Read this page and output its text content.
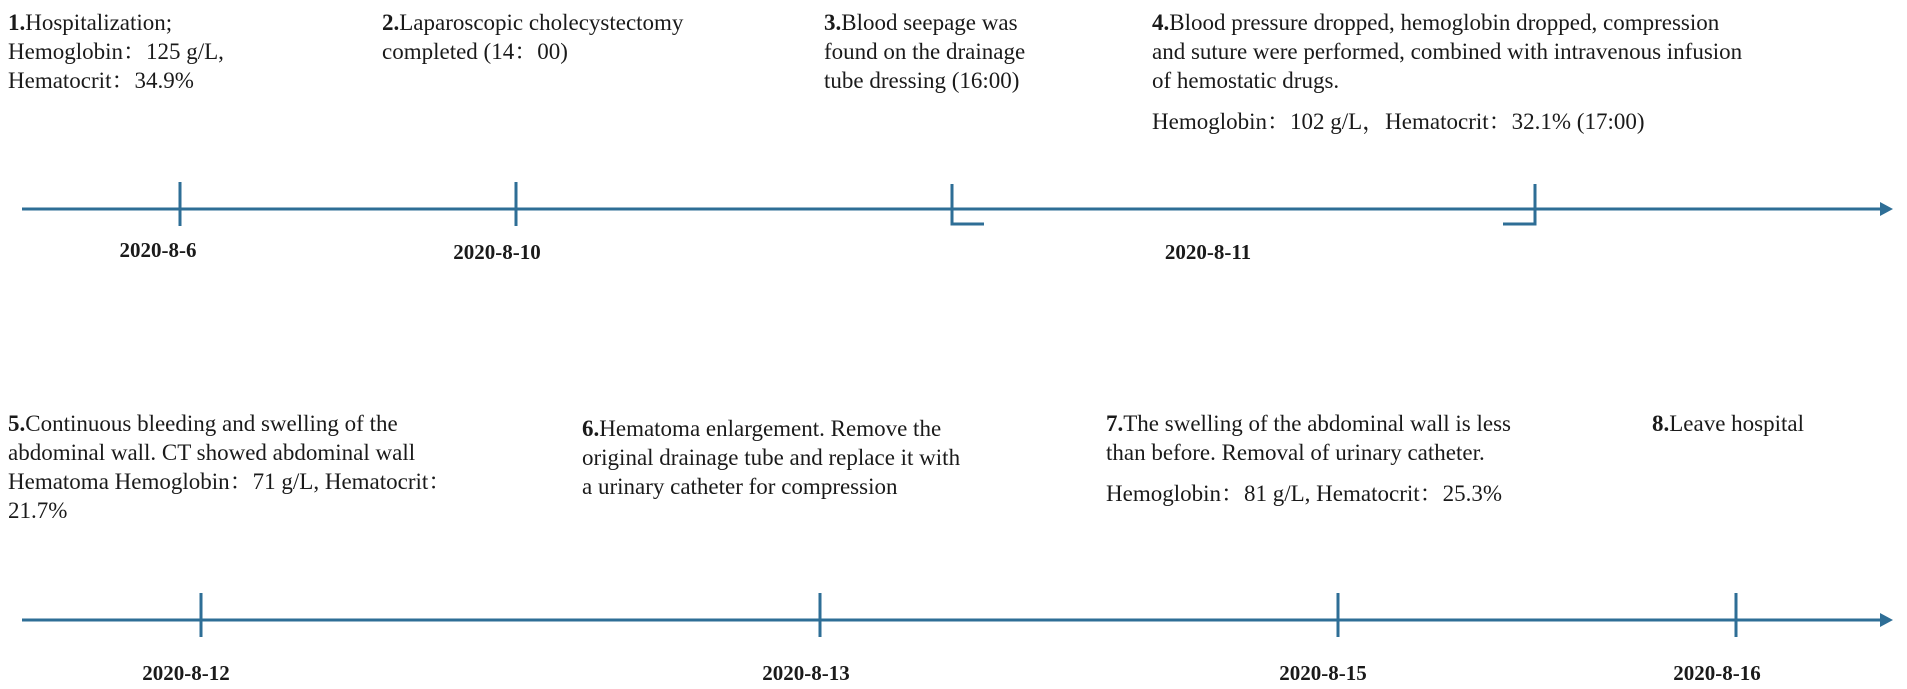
1.Hospitalization;
Hemoglobin：125 g/L,
Hematocrit：34.9%
2.Laparoscopic cholecystectomy
completed (14：00)
3.Blood seepage was
found on the drainage
tube dressing (16:00)
4.Blood pressure dropped, hemoglobin dropped, compression
and suture were performed, combined with intravenous infusion
of hemostatic drugs.
Hemoglobin：102 g/L，Hematocrit：32.1% (17:00)
5.Continuous bleeding and swelling of the
abdominal wall. CT showed abdominal wall
Hematoma Hemoglobin：71 g/L, Hematocrit：
21.7%
6.Hematoma enlargement. Remove the
original drainage tube and replace it with
a urinary catheter for compression
7.The swelling of the abdominal wall is less
than before. Removal of urinary catheter.
Hemoglobin：81 g/L, Hematocrit：25.3%
8.Leave hospital
2020-8-6	2020-8-10	2020-8-11
2020-8-12	2020-8-13	2020-8-15	2020-8-16
